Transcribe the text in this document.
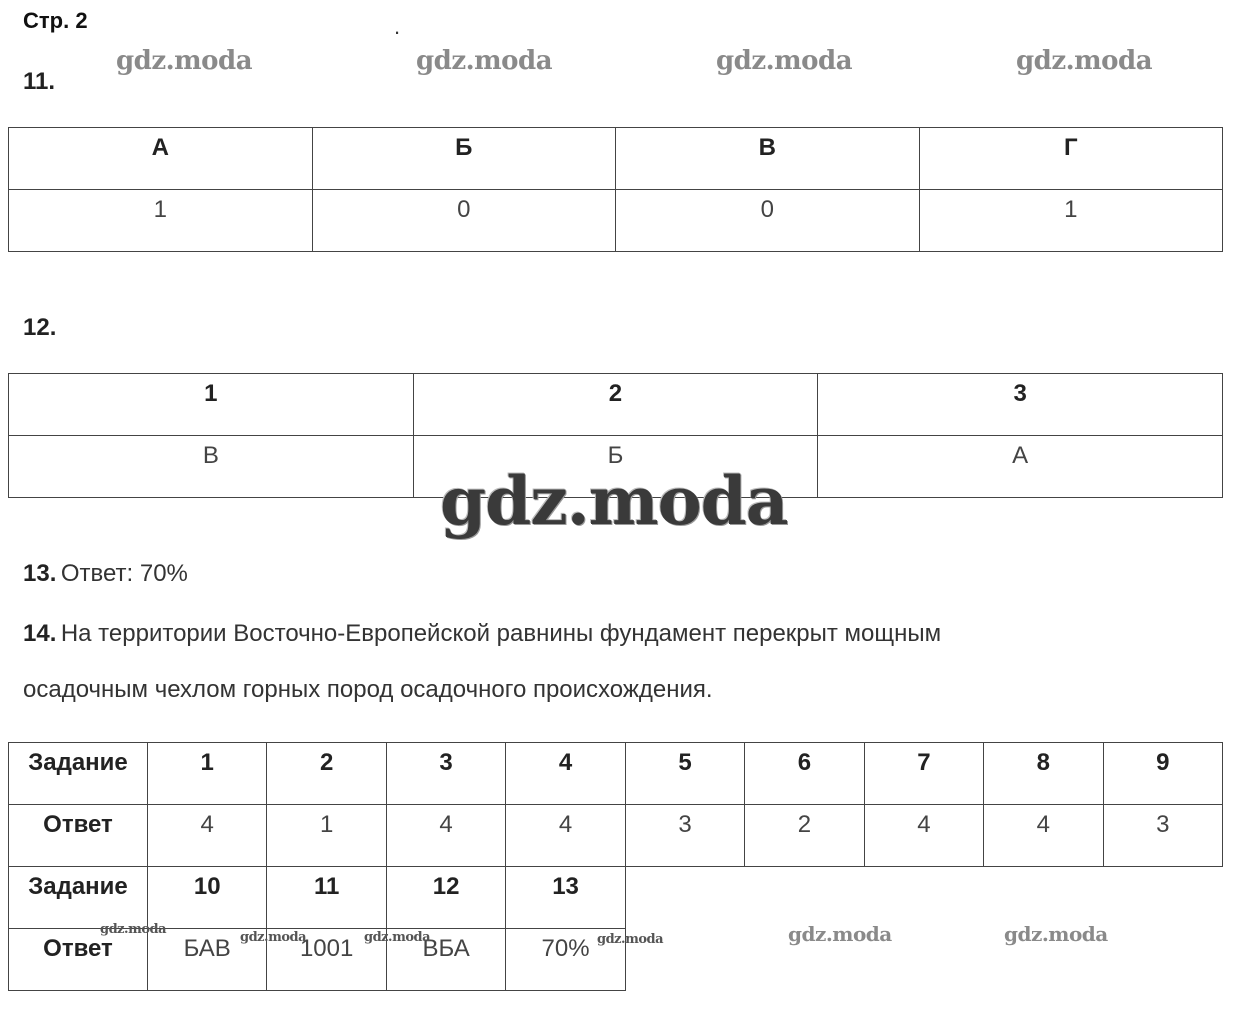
Стр. 2	.
gdz.moda	gdz.moda	gdz.moda	gdz.moda
11.
А	Б	В	Г

1	0	0	1
12.
1	2	3

В	Б	А
gdz.moda
13. Ответ: 70%
14. На территории Восточно-Европейской равнины фундамент перекрыт мощным
осадочным чехлом горных пород осадочного происхождения.
Задание	1	2	3	4	5	6	7	8	9

Ответ	4	1	4	4	3	2	4	4	3

Задание	10	11	12	13					

Ответ	БАВ	1001	ВБА	70%					

gdz.moda
gdz.moda	gdz.moda	gdz.moda	gdz.moda	gdz.moda
